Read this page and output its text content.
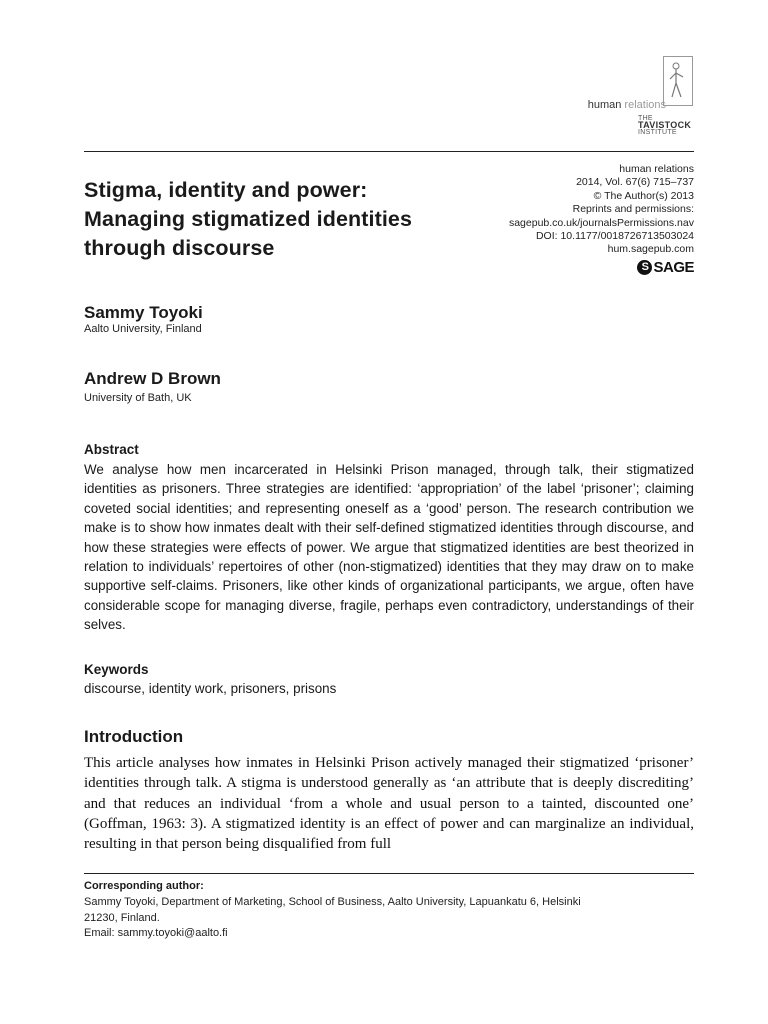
human relations
THE
TAVISTOCK
INSTITUTE
human relations
2014, Vol. 67(6) 715–737
© The Author(s) 2013
Reprints and permissions:
sagepub.co.uk/journalsPermissions.nav
DOI: 10.1177/0018726713503024
hum.sagepub.com
S SAGE
Stigma, identity and power:
Managing stigmatized identities
through discourse
Sammy Toyoki
Aalto University, Finland
Andrew D Brown
University of Bath, UK
Abstract
We analyse how men incarcerated in Helsinki Prison managed, through talk, their stigmatized identities as prisoners. Three strategies are identified: ‘appropriation’ of the label ‘prisoner’; claiming coveted social identities; and representing oneself as a ‘good’ person. The research contribution we make is to show how inmates dealt with their self-defined stigmatized identities through discourse, and how these strategies were effects of power. We argue that stigmatized identities are best theorized in relation to individuals’ repertoires of other (non-stigmatized) identities that they may draw on to make supportive self-claims. Prisoners, like other kinds of organizational participants, we argue, often have considerable scope for managing diverse, fragile, perhaps even contradictory, understandings of their selves.
Keywords
discourse, identity work, prisoners, prisons
Introduction
This article analyses how inmates in Helsinki Prison actively managed their stigmatized ‘prisoner’ identities through talk. A stigma is understood generally as ‘an attribute that is deeply discrediting’ and that reduces an individual ‘from a whole and usual person to a tainted, discounted one’ (Goffman, 1963: 3). A stigmatized identity is an effect of power and can marginalize an individual, resulting in that person being disqualified from full
Corresponding author:
Sammy Toyoki, Department of Marketing, School of Business, Aalto University, Lapuankatu 6, Helsinki
21230, Finland.
Email: sammy.toyoki@aalto.fi
